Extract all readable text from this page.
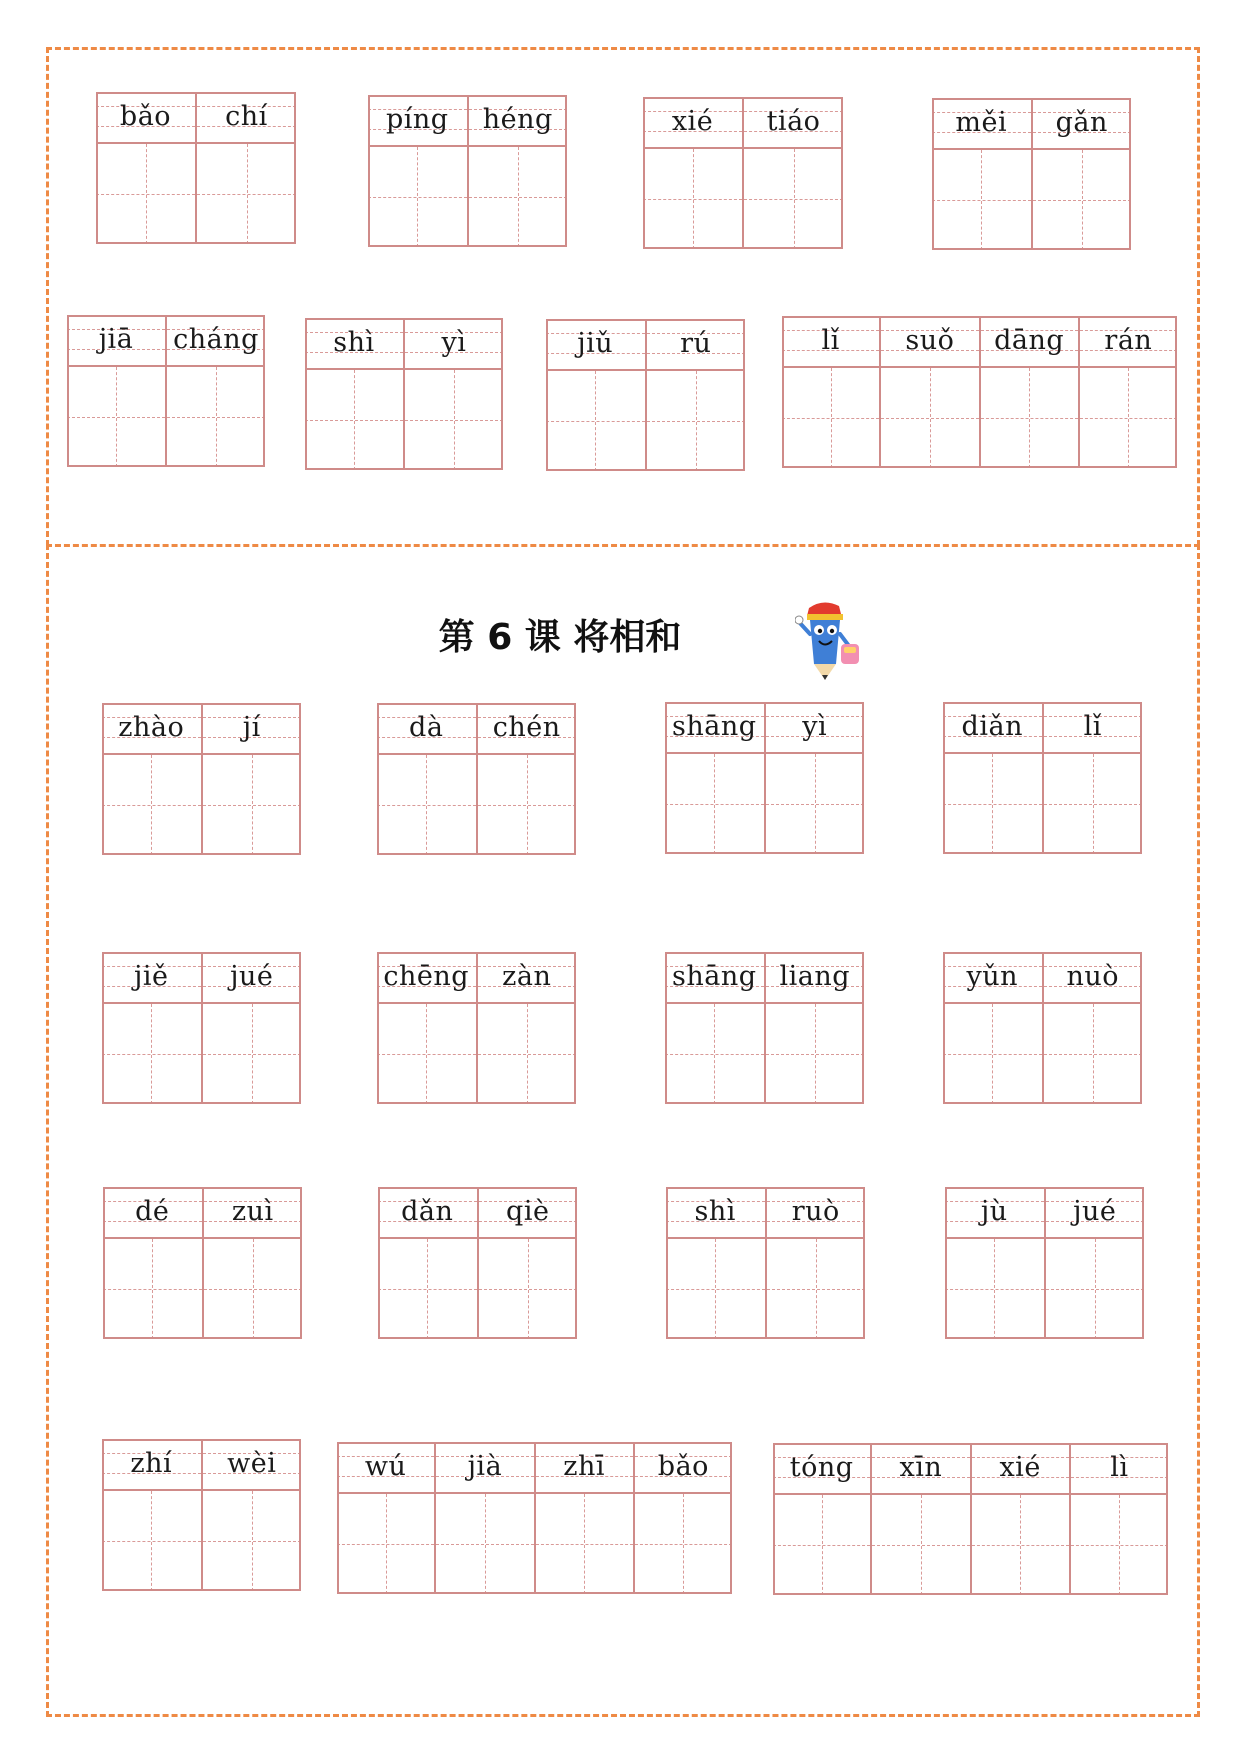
第 6 课 将相和
bǎo	chí	píng	héng	xié	tiáo	měi	gǎn
jiā	cháng	shì	yì	jiǔ	rú	lǐ	suǒ	dāng	rán
zhào	jí	dà	chén	shāng	yì	diǎn	lǐ
jiě	jué	chēng	zàn	shāng liang	yǔn	nuò
dé	zuì	dǎn	qiè	shì	ruò	jù	jué
zhí	wèi	wú	jià	zhī	bǎo	tóng	xīn	xié	lì
